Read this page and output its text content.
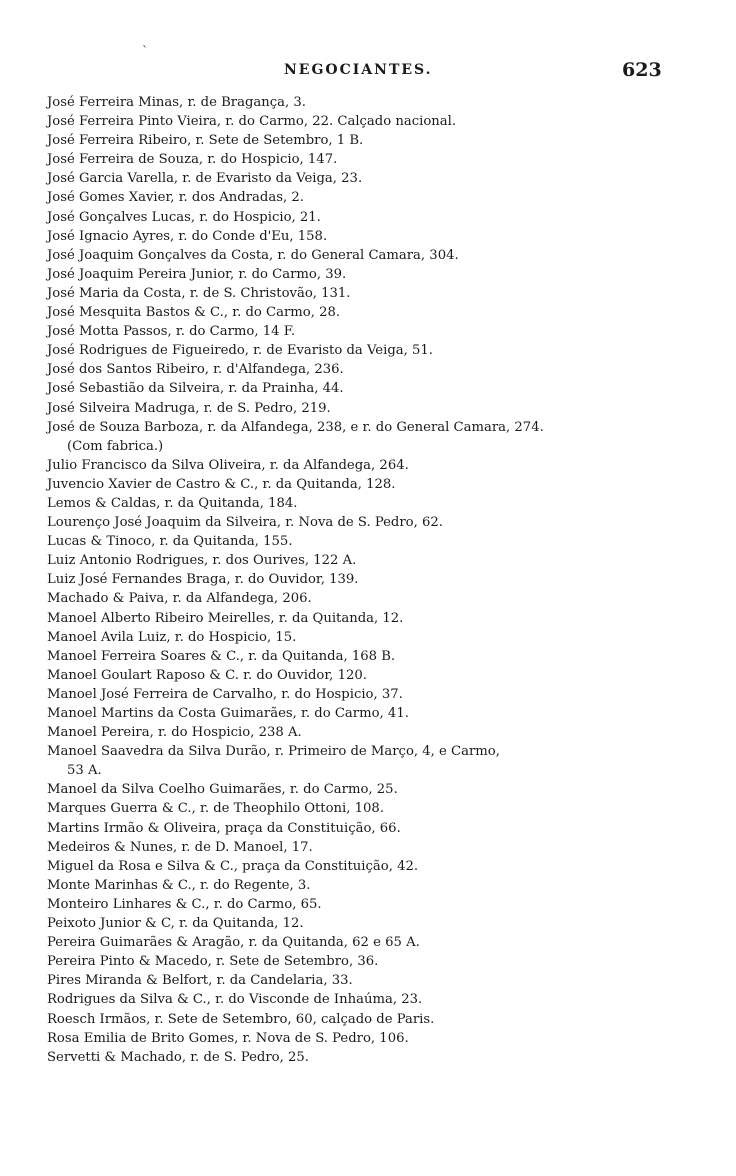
ˋ
NEGOCIANTES.	623
José Ferreira Minas, r. de Bragança, 3.
José Ferreira Pinto Vieira, r. do Carmo, 22. Calçado nacional.
José Ferreira Ribeiro, r. Sete de Setembro, 1 B.
José Ferreira de Souza, r. do Hospicio, 147.
José Garcia Varella, r. de Evaristo da Veiga, 23.
José Gomes Xavier, r. dos Andradas, 2.
José Gonçalves Lucas, r. do Hospicio, 21.
José Ignacio Ayres, r. do Conde d'Eu, 158.
José Joaquim Gonçalves da Costa, r. do General Camara, 304.
José Joaquim Pereira Junior, r. do Carmo, 39.
José Maria da Costa, r. de S. Christovão, 131.
José Mesquita Bastos & C., r. do Carmo, 28.
José Motta Passos, r. do Carmo, 14 F.
José Rodrigues de Figueiredo, r. de Evaristo da Veiga, 51.
José dos Santos Ribeiro, r. d'Alfandega, 236.
José Sebastião da Silveira, r. da Prainha, 44.
José Silveira Madruga, r. de S. Pedro, 219.
José de Souza Barboza, r. da Alfandega, 238, e r. do General Camara, 274.
(Com fabrica.)
Julio Francisco da Silva Oliveira, r. da Alfandega, 264.
Juvencio Xavier de Castro & C., r. da Quitanda, 128.
Lemos & Caldas, r. da Quitanda, 184.
Lourenço José Joaquim da Silveira, r. Nova de S. Pedro, 62.
Lucas & Tinoco, r. da Quitanda, 155.
Luiz Antonio Rodrigues, r. dos Ourives, 122 A.
Luiz José Fernandes Braga, r. do Ouvidor, 139.
Machado & Paiva, r. da Alfandega, 206.
Manoel Alberto Ribeiro Meirelles, r. da Quitanda, 12.
Manoel Avila Luiz, r. do Hospicio, 15.
Manoel Ferreira Soares & C., r. da Quitanda, 168 B.
Manoel Goulart Raposo & C. r. do Ouvidor, 120.
Manoel José Ferreira de Carvalho, r. do Hospicio, 37.
Manoel Martins da Costa Guimarães, r. do Carmo, 41.
Manoel Pereira, r. do Hospicio, 238 A.
Manoel Saavedra da Silva Durão, r. Primeiro de Março, 4, e Carmo,
53 A.
Manoel da Silva Coelho Guimarães, r. do Carmo, 25.
Marques Guerra & C., r. de Theophilo Ottoni, 108.
Martins Irmão & Oliveira, praça da Constituição, 66.
Medeiros & Nunes, r. de D. Manoel, 17.
Miguel da Rosa e Silva & C., praça da Constituição, 42.
Monte Marinhas & C., r. do Regente, 3.
Monteiro Linhares & C., r. do Carmo, 65.
Peixoto Junior & C, r. da Quitanda, 12.
Pereira Guimarães & Aragão, r. da Quitanda, 62 e 65 A.
Pereira Pinto & Macedo, r. Sete de Setembro, 36.
Pires Miranda & Belfort, r. da Candelaria, 33.
Rodrigues da Silva & C., r. do Visconde de Inhaúma, 23.
Roesch Irmãos, r. Sete de Setembro, 60, calçado de Paris.
Rosa Emilia de Brito Gomes, r. Nova de S. Pedro, 106.
Servetti & Machado, r. de S. Pedro, 25.
